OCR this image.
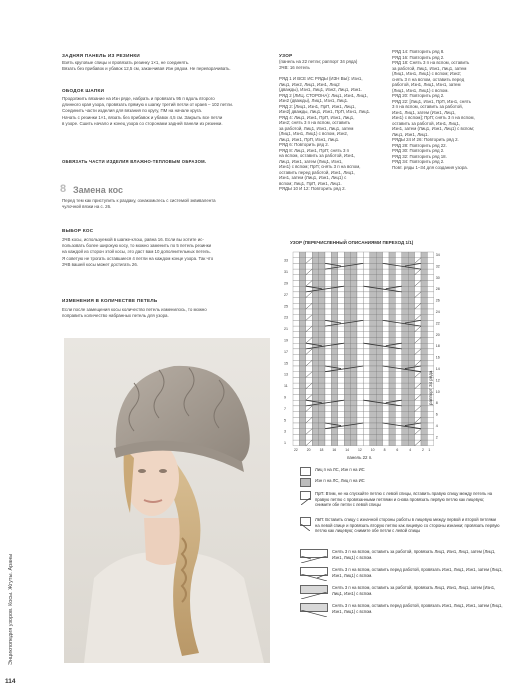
ЗАДНЯЯ ПАНЕЛЬ ИЗ РЕЗИНКИ
Взять круговые спицы и провязать резинку 1×1, не соединять.
Вязать без прибавок и убавок 12,5 см, заканчивая Изн рядом. Не переворачивать.
ОБОДОК ШАПКИ
Продолжить вязание на Изн ряде, набрать и провязать 95 п вдоль второго
длинного края узора, провязать прямую к шапку третий петли от краев – 102 петли.
Соединить части изделия для вязания по кругу, ПМ на начале круга.
Начать с резинки 1×1, вязать без прибавок и убавок 4,5 см. Закрыть все петли
в узоре. Сшить начало и конец узора со сторонами задней панели из резинки.
ОБВЯЗАТЬ ЧАСТИ ИЗДЕЛИЯ ВЛАЖНО-ТЕПЛОВЫМ ОБРАЗОМ.
8 Замена кос
Перед тем как приступить к раздаку, ознакомьтесь с системой эквивалента
чулочной вязки на с. 26.
ВЫБОР КОС
ЗЧВ косы, используемой в шапке-клош, равна 16. Если вы хотите ис-
пользовать более широкую косу, то можно заменить по 5 петель резинки
на каждой из сторон этой косы, это даст вам 10 дополнительных петель.
Я советую не трогать оставшиеся 4 петли на каждом конце узора. Так что
ЗЧВ вашей косы может достигать 26.
ИЗМЕНЕНИЯ В КОЛИЧЕСТВЕ ПЕТЕЛЬ
Если после замещения косы количество петель изменилось, то можно
поправить количество набранных петель для узора.
Энциклопедия узоров. Косы. Жгуты. Араны
114
УЗОР
(панель на 22 петли; раппорт 34 ряда)
ЗЧВ: 16 петель
РЯД 1 И ВСЕ ИС РЯДЫ (ИЗН ВЫ): Изн1,
Лиц1, Изн2, Лиц1, Изн1, Лиц2
(дважды), Изн1, Лиц1, Изн2, Лиц1, Изн1.
РЯД 2 (ЛИЦ. СТОРОНА): Лиц1, Изн1, Лиц1,
Изн2 (дважды), Лиц1, Изн1, Лиц1.
РЯД 2: [Лиц1, Изн1, ПрП, Изн1, Лиц1,
Изн2] дважды, Лиц1, Изн1, ПрП, Изн1, Лиц1.
РЯД 4: Лиц1, Изн1, ПрП, Изн1, Лиц1,
Изн2; снять 3 п на вспом, оставить
за работой, Лиц1, Изн1, Лиц1, затем
(Лиц1, Изн1, Лиц1) с вспом, Изн2,
Лиц1, Изн1, ПрП, Изн1, Лиц1.
РЯД 6: Повторить ряд 2.
РЯД 8: Лиц1, Изн1, ПрП; снять 3 п
на вспом, оставить за работой, Изн1,
Лиц1, Изн1, затем (Лиц1, Изн1,
Изн1) с вспом; ПрП; снять 3 п на вспом,
оставить перед работой, Изн1, Лиц1,
Изн1, затем (Лиц1, Изн1, Лиц1) с
вспом; Лиц1, ПрП, Изн1, Лиц1.
РЯДЫ 10 И 12: Повторить ряд 2.
РЯД 14: Повторить ряд 8.
РЯД 16: Повторить ряд 2.
РЯД 18: Снять 3 п на вспом, оставить
за работой, Лиц1, Изн1, Лиц1, затем
(Лиц1, Изн1, Лиц1) с вспом; Изн2;
снять 3 п на вспом, оставить перед
работой, Изн1, Лиц1, Изн1, затем
(Лиц1, Изн1, Лиц1) с вспом.
РЯД 20: Повторить ряд 2.
РЯД 22: [Лиц1, Изн1, ПрП, Изн1, снять
3 п на вспом, оставить за работой,
Изн1, Лиц1, затем (Изн1, Лиц1,
Изн1) с вспом]; ПрП; снять 3 п на вспом,
оставить за работой, Изн1, Лиц1,
Изн1, затем (Лиц1, Изн1, Лиц1) с вспом;
Лиц1, Изн1, Лиц1.
РЯДЫ 24 И 26: Повторить ряд 2.
РЯД 28: Повторить ряд 22.
РЯД 30: Повторить ряд 2.
РЯД 32: Повторить ряд 18.
РЯД 34: Повторить ряд 2.
Повт. ряды 1–34 для создания узора.
УЗОР (ПЕРЕЧИСЛЕННЫЙ ОПИСАНИЯМИ ПЕРЕХОД 1/1)
33
31
29
27
25
23
21
19
17
15
13
11
9
7
5
3
1
34
32
30
28
26
24
22
20
18
16
14
12
10
8
6
4
2
22	20	18	16	14	12	10	8	6	4	2 1
раппорт 34 ряда
панель 22 п.
Лиц п на ЛС, Изн п на ИС
Изн п на ЛС, Лиц п на ИС
ПрП: Втим, не на спускайте петлю с левой спицы, вставить правую спицу между петель на правую петлю с провязанными петлями и снова провязать первую петлю как лицевую; снимите обе петли с левой спицы
ЛвП: Вставить спицу с изначной стороны работы в лицевую между первой и второй петлями на левой спице и провязать вторую петлю как лицевую со стороны изнанки; провязать первую петлю как лицевую; снимите обе петли с левой спицы
Снять 3 п на вспом, оставить за работой, провязать Лиц1, Изн1, Лиц1, затем (Лиц1, Изн1, Лиц1) с вспом.
Снять 3 п на вспом, оставить перед работой, провязать Изн1, Лиц1, Изн1, затем (Лиц1, Изн1, Лиц1) с вспом.
Снять 3 п на вспом, оставить за работой, провязать Лиц1, Изн1, Лиц1, затем (Изн1, Лиц1, Изн1) с вспом.
Снять 3 п на вспом, оставить перед работой, провязать Изн1, Лиц1, Изн1, затем (Лиц1, Изн1, Лиц1) с вспом.
